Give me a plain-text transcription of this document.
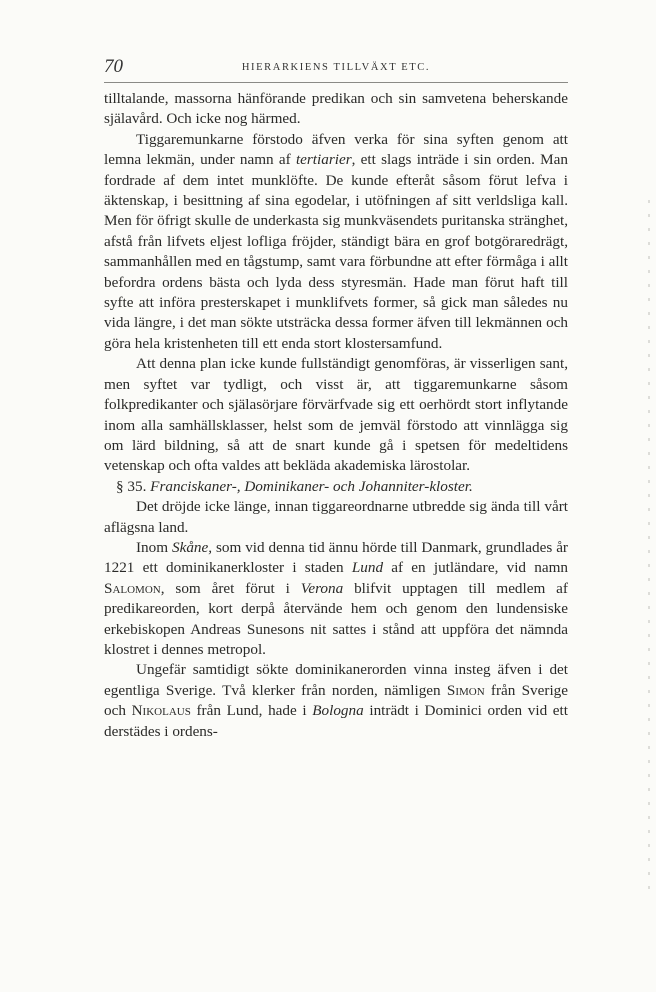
70	HIERARKIENS TILLVÄXT ETC.

tilltalande, massorna hänförande predikan och sin samvetena beherskande själavård. Och icke nog härmed.

Tiggaremunkarne förstodo äfven verka för sina syften genom att lemna lekmän, under namn af tertiarier, ett slags inträde i sin orden. Man fordrade af dem intet munklöfte. De kunde efteråt såsom förut lefva i äktenskap, i besittning af sina egodelar, i utöfningen af sitt verldsliga kall. Men för öfrigt skulle de underkasta sig munkväsendets puritanska stränghet, afstå från lifvets eljest lofliga fröjder, ständigt bära en grof botgöraredrägt, sammanhållen med en tågstump, samt vara förbundne att efter förmåga i allt befordra ordens bästa och lyda dess styresmän. Hade man förut haft till syfte att införa presterskapet i munklifvets former, så gick man således nu vida längre, i det man sökte utsträcka dessa former äfven till lekmännen och göra hela kristenheten till ett enda stort klostersamfund.

Att denna plan icke kunde fullständigt genomföras, är visserligen sant, men syftet var tydligt, och visst är, att tiggaremunkarne såsom folkpredikanter och själasörjare förvärfvade sig ett oerhördt stort inflytande inom alla samhällsklasser, helst som de jemväl förstodo att vinnlägga sig om lärd bildning, så att de snart kunde gå i spetsen för medeltidens vetenskap och ofta valdes att bekläda akademiska lärostolar.

§ 35. Franciskaner-, Dominikaner- och Johanniter-kloster.

Det dröjde icke länge, innan tiggareordnarne utbredde sig ända till vårt aflägsna land.

Inom Skåne, som vid denna tid ännu hörde till Danmark, grundlades år 1221 ett dominikanerkloster i staden Lund af en jutländare, vid namn Salomon, som året förut i Verona blifvit upptagen till medlem af predikareorden, kort derpå återvände hem och genom den lundensiske erkebiskopen Andreas Sunesons nit sattes i stånd att uppföra det nämnda klostret i dennes metropol.

Ungefär samtidigt sökte dominikanerorden vinna insteg äfven i det egentliga Sverige. Två klerker från norden, nämligen Simon från Sverige och Nikolaus från Lund, hade i Bologna inträdt i Dominici orden vid ett derstädes i ordens-
